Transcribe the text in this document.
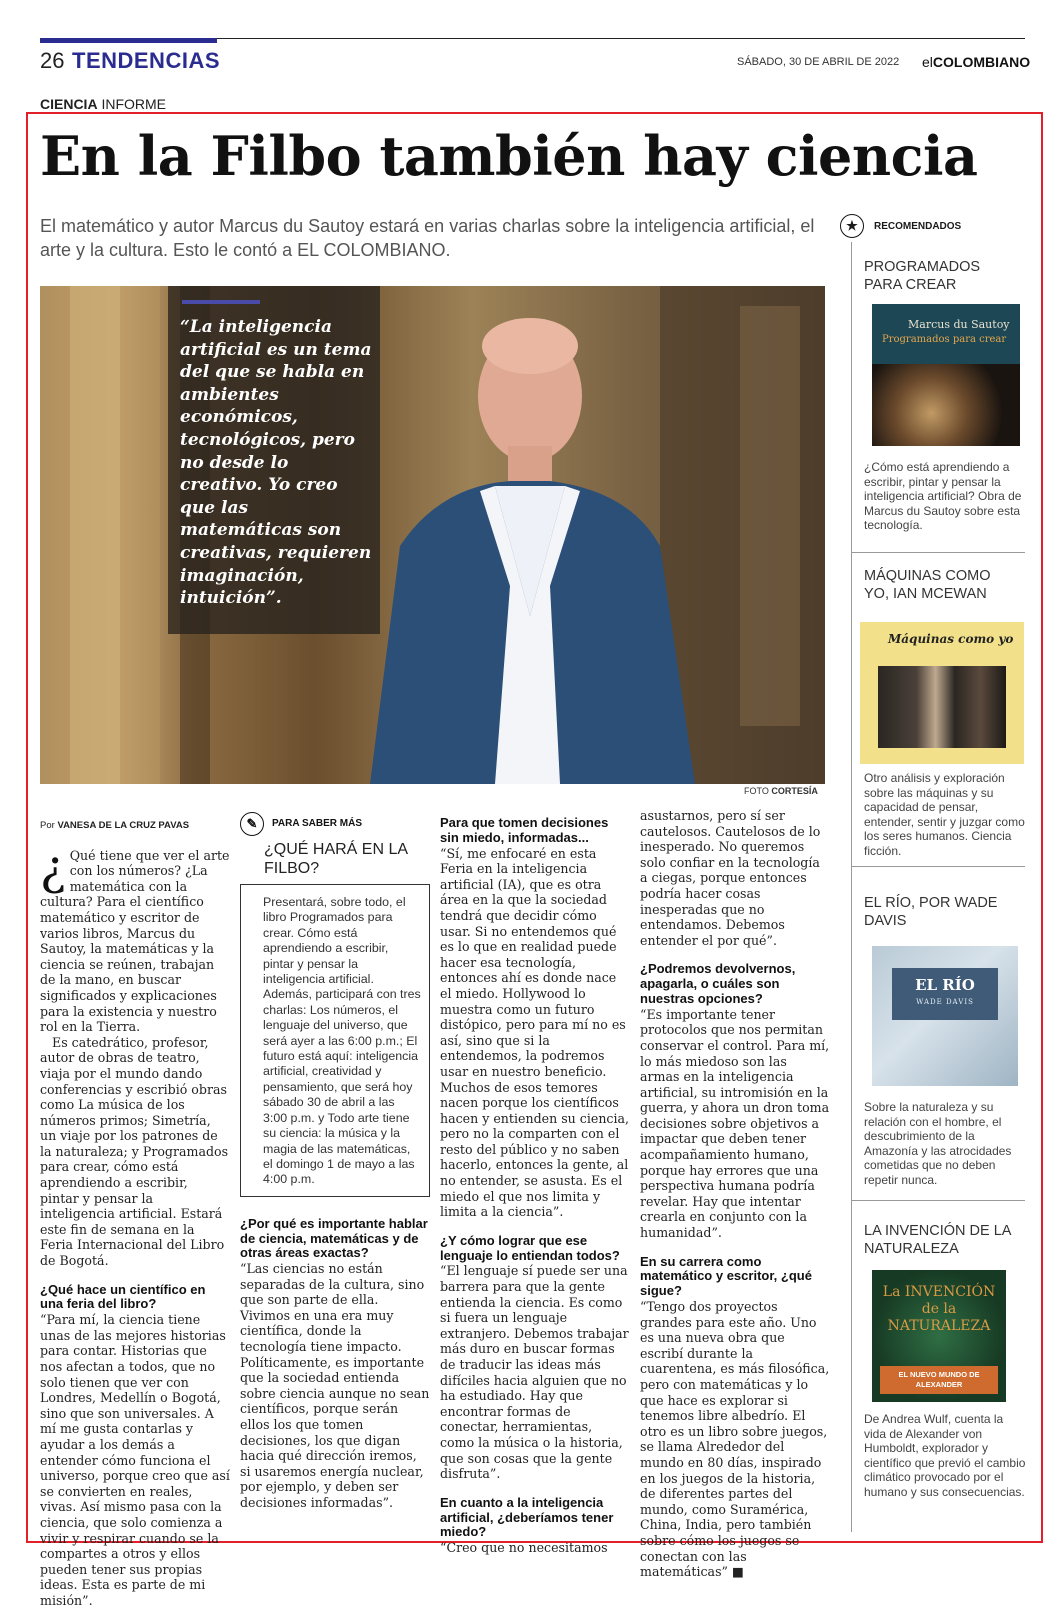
26 TENDENCIAS	SÁBADO, 30 DE ABRIL DE 2022 elCOLOMBIANO
CIENCIA INFORME
En la Filbo también hay ciencia
El matemático y autor Marcus du Sautoy estará en varias charlas sobre la inteligencia artificial, el arte y la cultura. Esto le contó a EL COLOMBIANO.
“La inteligencia artificial es un tema del que se habla en ambientes económicos, tecnológicos, pero no desde lo creativo. Yo creo que las matemáticas son creativas, requieren imaginación, intuición”.
FOTO CORTESÍA
Por VANESA DE LA CRUZ PAVAS
¿ Qué tiene que ver el arte con los números? ¿La matemática con la cultura? Para el científico matemático y escritor de varios libros, Marcus du Sautoy, la matemáticas y la ciencia se reúnen, trabajan de la mano, en buscar significados y explicaciones para la existencia y nuestro rol en la Tierra.

Es catedrático, profesor, autor de obras de teatro, viaja por el mundo dando conferencias y escribió obras como La música de los números primos; Simetría, un viaje por los patrones de la naturaleza; y Programados para crear, cómo está aprendiendo a escribir, pintar y pensar la inteligencia artificial. Estará este fin de semana en la Feria Internacional del Libro de Bogotá.

¿Qué hace un científico en una feria del libro?

“Para mí, la ciencia tiene unas de las mejores historias para contar. Historias que nos afectan a todos, que no solo tienen que ver con Londres, Medellín o Bogotá, sino que son universales. A mí me gusta contarlas y ayudar a los demás a entender cómo funciona el universo, porque creo que así se convierten en reales, vivas. Así mismo pasa con la ciencia, que solo comienza a vivir y respirar cuando se la compartes a otros y ellos pueden tener sus propias ideas. Esta es parte de mi misión”.

✎	PARA SABER MÁS
¿QUÉ HARÁ EN LA FILBO?
Presentará, sobre todo, el libro Programados para crear. Cómo está aprendiendo a escribir, pintar y pensar la inteligencia artificial. Además, participará con tres charlas: Los números, el lenguaje del universo, que será ayer a las 6:00 p.m.; El futuro está aquí: inteligencia artificial, creatividad y pensamiento, que será hoy sábado 30 de abril a las 3:00 p.m. y Todo arte tiene su ciencia: la música y la magia de las matemáticas, el domingo 1 de mayo a las 4:00 p.m.
¿Por qué es importante hablar de ciencia, matemáticas y de otras áreas exactas?

“Las ciencias no están separadas de la cultura, sino que son parte de ella. Vivimos en una era muy científica, donde la tecnología tiene impacto. Políticamente, es importante que la sociedad entienda sobre ciencia aunque no sean científicos, porque serán ellos los que tomen decisiones, los que digan hacia qué dirección iremos, si usaremos energía nuclear, por ejemplo, y deben ser decisiones informadas”.

Para que tomen decisiones sin miedo, informadas...

“Sí, me enfocaré en esta Feria en la inteligencia artificial (IA), que es otra área en la que la sociedad tendrá que decidir cómo usar. Si no entendemos qué es lo que en realidad puede hacer esa tecnología, entonces ahí es donde nace el miedo. Hollywood lo muestra como un futuro distópico, pero para mí no es así, sino que si la entendemos, la podremos usar en nuestro beneficio. Muchos de esos temores nacen porque los científicos hacen y entienden su ciencia, pero no la comparten con el resto del público y no saben hacerlo, entonces la gente, al no entender, se asusta. Es el miedo el que nos limita y limita a la ciencia”.

¿Y cómo lograr que ese lenguaje lo entiendan todos?

“El lenguaje sí puede ser una barrera para que la gente entienda la ciencia. Es como si fuera un lenguaje extranjero. Debemos trabajar más duro en buscar formas de traducir las ideas más difíciles hacia alguien que no ha estudiado. Hay que encontrar formas de conectar, herramientas, como la música o la historia, que son cosas que la gente disfruta”.

En cuanto a la inteligencia artificial, ¿deberíamos tener miedo?

“Creo que no necesitamos

asustarnos, pero sí ser cautelosos. Cautelosos de lo inesperado. No queremos solo confiar en la tecnología a ciegas, porque entonces podría hacer cosas inesperadas que no entendamos. Debemos entender el por qué”.

¿Podremos devolvernos, apagarla, o cuáles son nuestras opciones?

“Es importante tener protocolos que nos permitan conservar el control. Para mí, lo más miedoso son las armas en la inteligencia artificial, su intromisión en la guerra, y ahora un dron toma decisiones sobre objetivos a impactar que deben tener acompañamiento humano, porque hay errores que una perspectiva humana podría revelar. Hay que intentar crearla en conjunto con la humanidad”.

En su carrera como matemático y escritor, ¿qué sigue?

“Tengo dos proyectos grandes para este año. Uno es una nueva obra que escribí durante la cuarentena, es más filosófica, pero con matemáticas y lo que hace es explorar si tenemos libre albedrío. El otro es un libro sobre juegos, se llama Alrededor del mundo en 80 días, inspirado en los juegos de la historia, de diferentes partes del mundo, como Suramérica, China, India, pero también sobre cómo los juegos se conectan con las matemáticas” ■

★	RECOMENDADOS
PROGRAMADOS PARA CREAR
Marcus du Sautoy
Programados para crear
¿Cómo está aprendiendo a escribir, pintar y pensar la inteligencia artificial? Obra de Marcus du Sautoy sobre esta tecnología.
MÁQUINAS COMO YO, IAN MCEWAN
Máquinas como yo
Otro análisis y exploración sobre las máquinas y su capacidad de pensar, entender, sentir y juzgar como los seres humanos. Ciencia ficción.
EL RÍO, POR WADE DAVIS
EL RÍO
WADE DAVIS
Sobre la naturaleza y su relación con el hombre, el descubrimiento de la Amazonía y las atrocidades cometidas que no deben repetir nunca.
LA INVENCIÓN DE LA NATURALEZA
La INVENCIÓN de la NATURALEZA
EL NUEVO MUNDO DE ALEXANDER
De Andrea Wulf, cuenta la vida de Alexander von Humboldt, explorador y científico que previó el cambio climático provocado por el humano y sus consecuencias.
